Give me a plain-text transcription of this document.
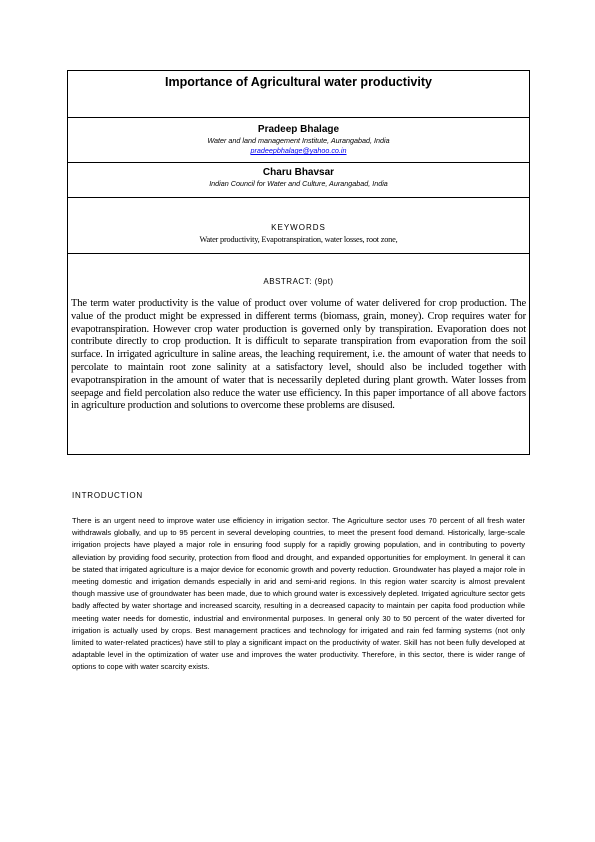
Importance of Agricultural water productivity
Pradeep Bhalage
Water and land management Institute, Aurangabad, India
pradeepbhalage@yahoo.co.in
Charu Bhavsar
Indian Council for Water and Culture, Aurangabad, India
KEYWORDS
Water productivity, Evapotranspiration, water losses, root zone,
ABSTRACT: (9pt)
The term water productivity is the value of product over volume of water delivered for crop production. The value of the product might be expressed in different terms (biomass, grain, money). Crop requires water for evapotranspiration. However crop water production is governed only by transpiration. Evaporation does not contribute directly to crop production. It is difficult to separate transpiration from evaporation from the soil surface. In irrigated agriculture in saline areas, the leaching requirement, i.e. the amount of water that needs to percolate to maintain root zone salinity at a satisfactory level, should also be included together with evapotranspiration in the amount of water that is necessarily depleted during plant growth. Water losses from seepage and field percolation also reduce the water use efficiency. In this paper importance of all above factors in agriculture production and solutions to overcome these problems are disused.
INTRODUCTION

There is an urgent need to improve water use efficiency in irrigation sector. The Agriculture sector uses 70 percent of all fresh water withdrawals globally, and up to 95 percent in several developing countries, to meet the present food demand. Historically, large-scale irrigation projects have played a major role in ensuring food supply for a rapidly growing population, and in contributing to poverty alleviation by providing food security, protection from flood and drought, and expanded opportunities for employment. In general it can be stated that irrigated agriculture is a major device for economic growth and poverty reduction. Groundwater has played a major role in meeting domestic and irrigation demands especially in arid and semi-arid regions. In this region water scarcity is almost prevalent though massive use of groundwater has been made, due to which ground water is excessively depleted. Irrigated agriculture sector gets badly affected by water shortage and increased scarcity, resulting in a decreased capacity to maintain per capita food production while meeting water needs for domestic, industrial and environmental purposes. In general only 30 to 50 percent of the water diverted for irrigation is actually used by crops. Best management practices and technology for irrigated and rain fed farming systems (not only limited to water-related practices) have still to play a significant impact on the productivity of water. Skill has not been fully developed at adaptable level in the optimization of water use and improves the water productivity. Therefore, in this sector, there is wider range of options to cope with water scarcity exists.
